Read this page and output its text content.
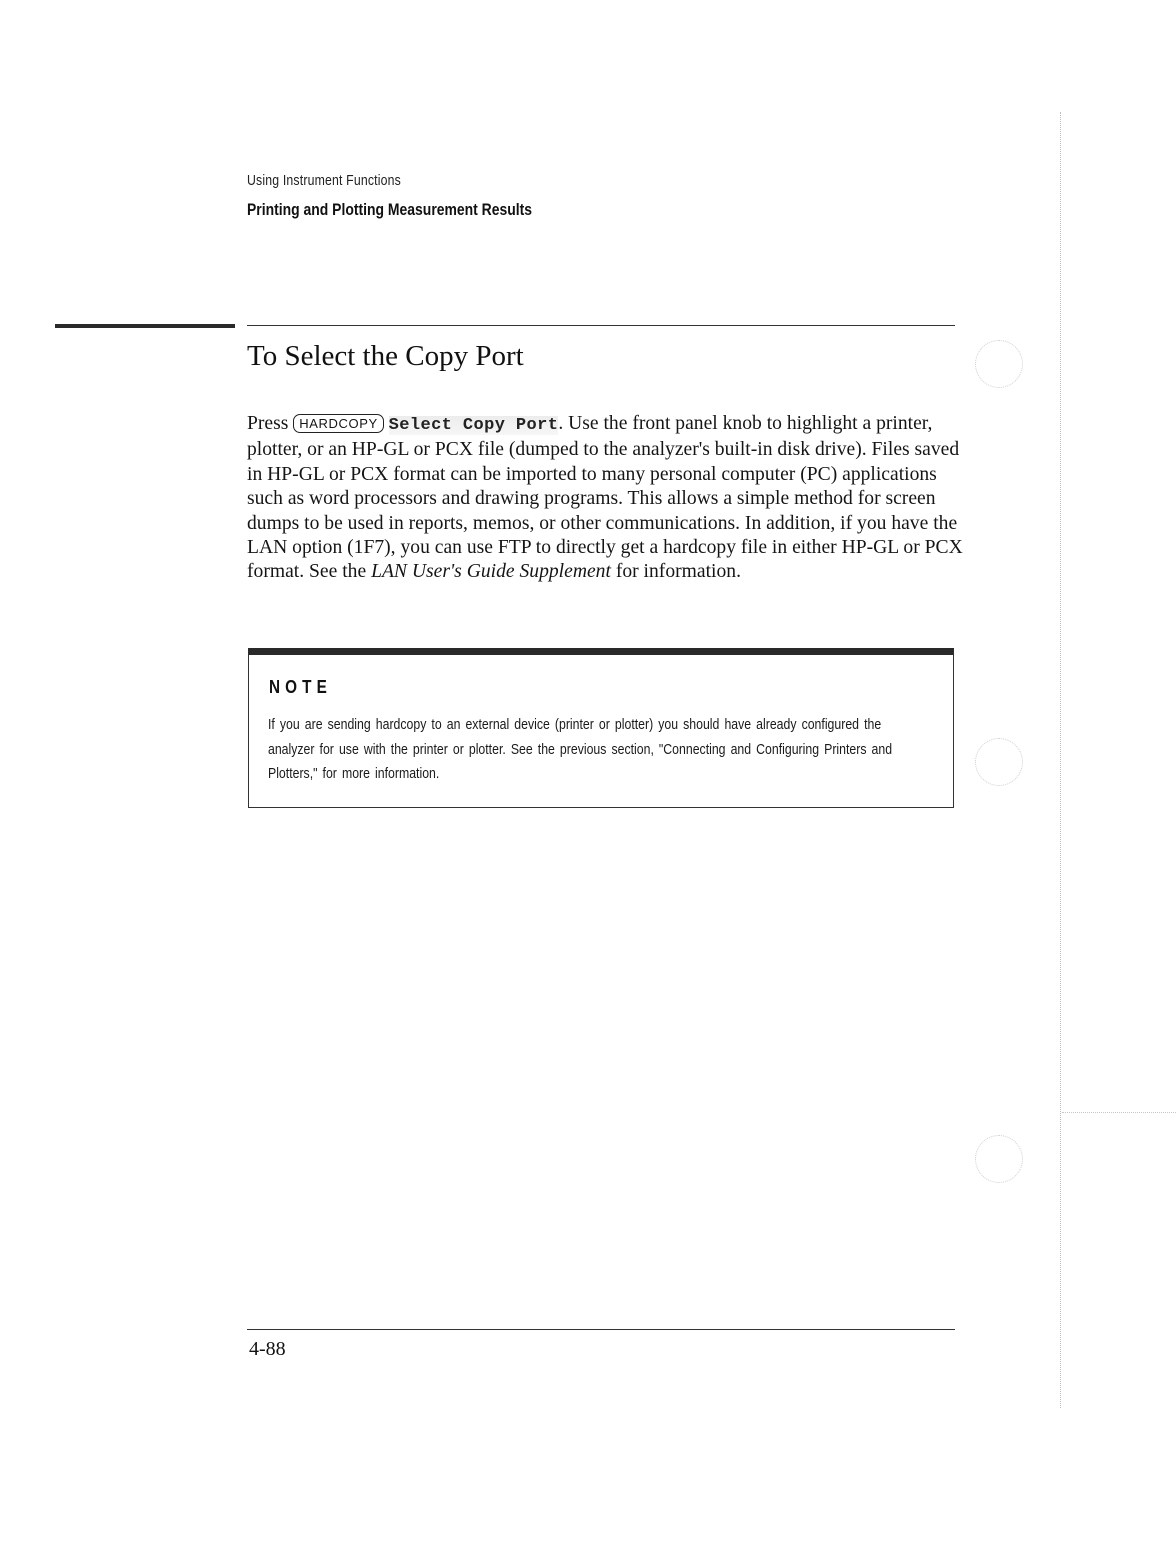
Using Instrument Functions
Printing and Plotting Measurement Results
To Select the Copy Port
Press HARDCOPY Select Copy Port. Use the front panel knob to highlight a printer, plotter, or an HP-GL or PCX file (dumped to the analyzer's built-in disk drive). Files saved in HP-GL or PCX format can be imported to many personal computer (PC) applications such as word processors and drawing programs. This allows a simple method for screen dumps to be used in reports, memos, or other communications. In addition, if you have the LAN option (1F7), you can use FTP to directly get a hardcopy file in either HP-GL or PCX format. See the LAN User's Guide Supplement for information.
NOTE
If you are sending hardcopy to an external device (printer or plotter) you should have already configured the analyzer for use with the printer or plotter. See the previous section, "Connecting and Configuring Printers and Plotters," for more information.
4-88
